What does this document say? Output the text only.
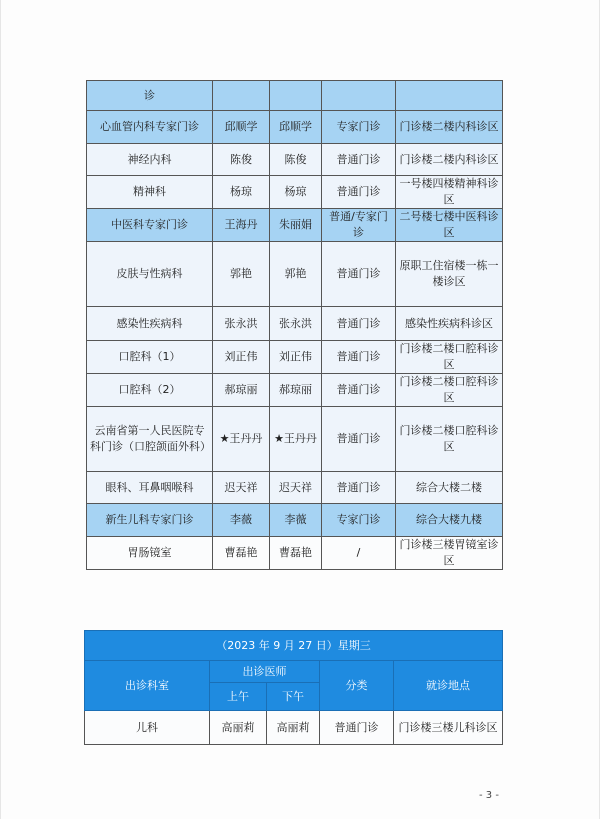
诊				
心血管内科专家门诊	邱顺学	邱顺学	专家门诊	门诊楼二楼内科诊区
神经内科	陈俊	陈俊	普通门诊	门诊楼二楼内科诊区
精神科	杨琼	杨琼	普通门诊	一号楼四楼精神科诊区
中医科专家门诊	王海丹	朱丽娟	普通/专家门诊	二号楼七楼中医科诊区
皮肤与性病科	郭艳	郭艳	普通门诊	原职工住宿楼一栋一楼诊区
感染性疾病科	张永洪	张永洪	普通门诊	感染性疾病科诊区
口腔科（1）	刘正伟	刘正伟	普通门诊	门诊楼二楼口腔科诊区
口腔科（2）	郝琼丽	郝琼丽	普通门诊	门诊楼二楼口腔科诊区
云南省第一人民医院专科门诊（口腔颌面外科）	★王丹丹	★王丹丹	普通门诊	门诊楼二楼口腔科诊区
眼科、耳鼻咽喉科	迟天祥	迟天祥	普通门诊	综合大楼二楼
新生儿科专家门诊	李薇	李薇	专家门诊	综合大楼九楼
胃肠镜室	曹磊艳	曹磊艳	/	门诊楼三楼胃镜室诊区
（2023 年 9 月 27 日）星期三				
出诊科室	出诊医师		分类	就诊地点
	上午	下午		
儿科	高丽莉	高丽莉	普通门诊	门诊楼三楼儿科诊区
- 3 -
